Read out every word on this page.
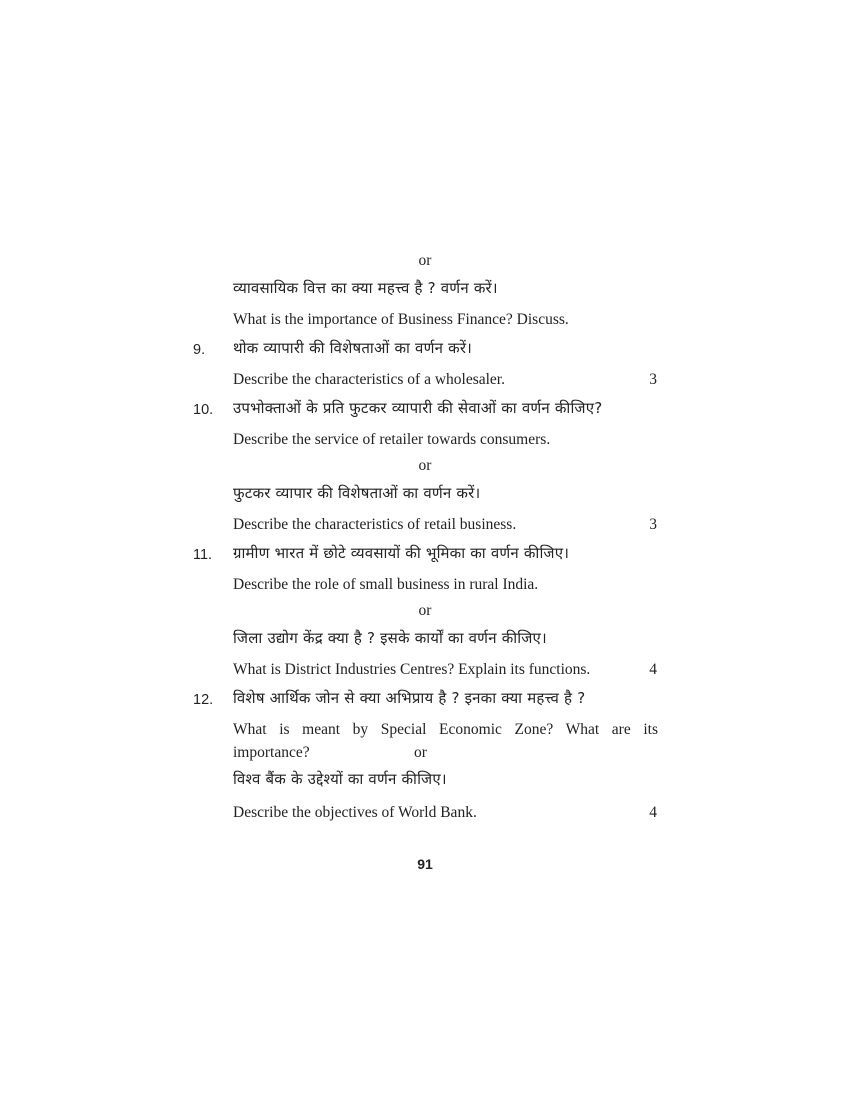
or
व्यावसायिक वित्त का क्या महत्त्व है ? वर्णन करें।
What is the importance of Business Finance? Discuss.
9. थोक व्यापारी की विशेषताओं का वर्णन करें।
Describe the characteristics of a wholesaler.	3
10. उपभोक्ताओं के प्रति फुटकर व्यापारी की सेवाओं का वर्णन कीजिए?
Describe the service of retailer towards consumers.
or
फुटकर व्यापार की विशेषताओं का वर्णन करें।
Describe the characteristics of retail business.	3
11. ग्रामीण भारत में छोटे व्यवसायों की भूमिका का वर्णन कीजिए।
Describe the role of small business in rural India.
or
जिला उद्योग केंद्र क्या है ? इसके कार्यों का वर्णन कीजिए।
What is District Industries Centres? Explain its functions.	4
12. विशेष आर्थिक जोन से क्या अभिप्राय है ? इनका क्या महत्त्व है ?
What is meant by Special Economic Zone? What are its
importance?	or
विश्व बैंक के उद्देश्यों का वर्णन कीजिए।
Describe the objectives of World Bank.	4
91
